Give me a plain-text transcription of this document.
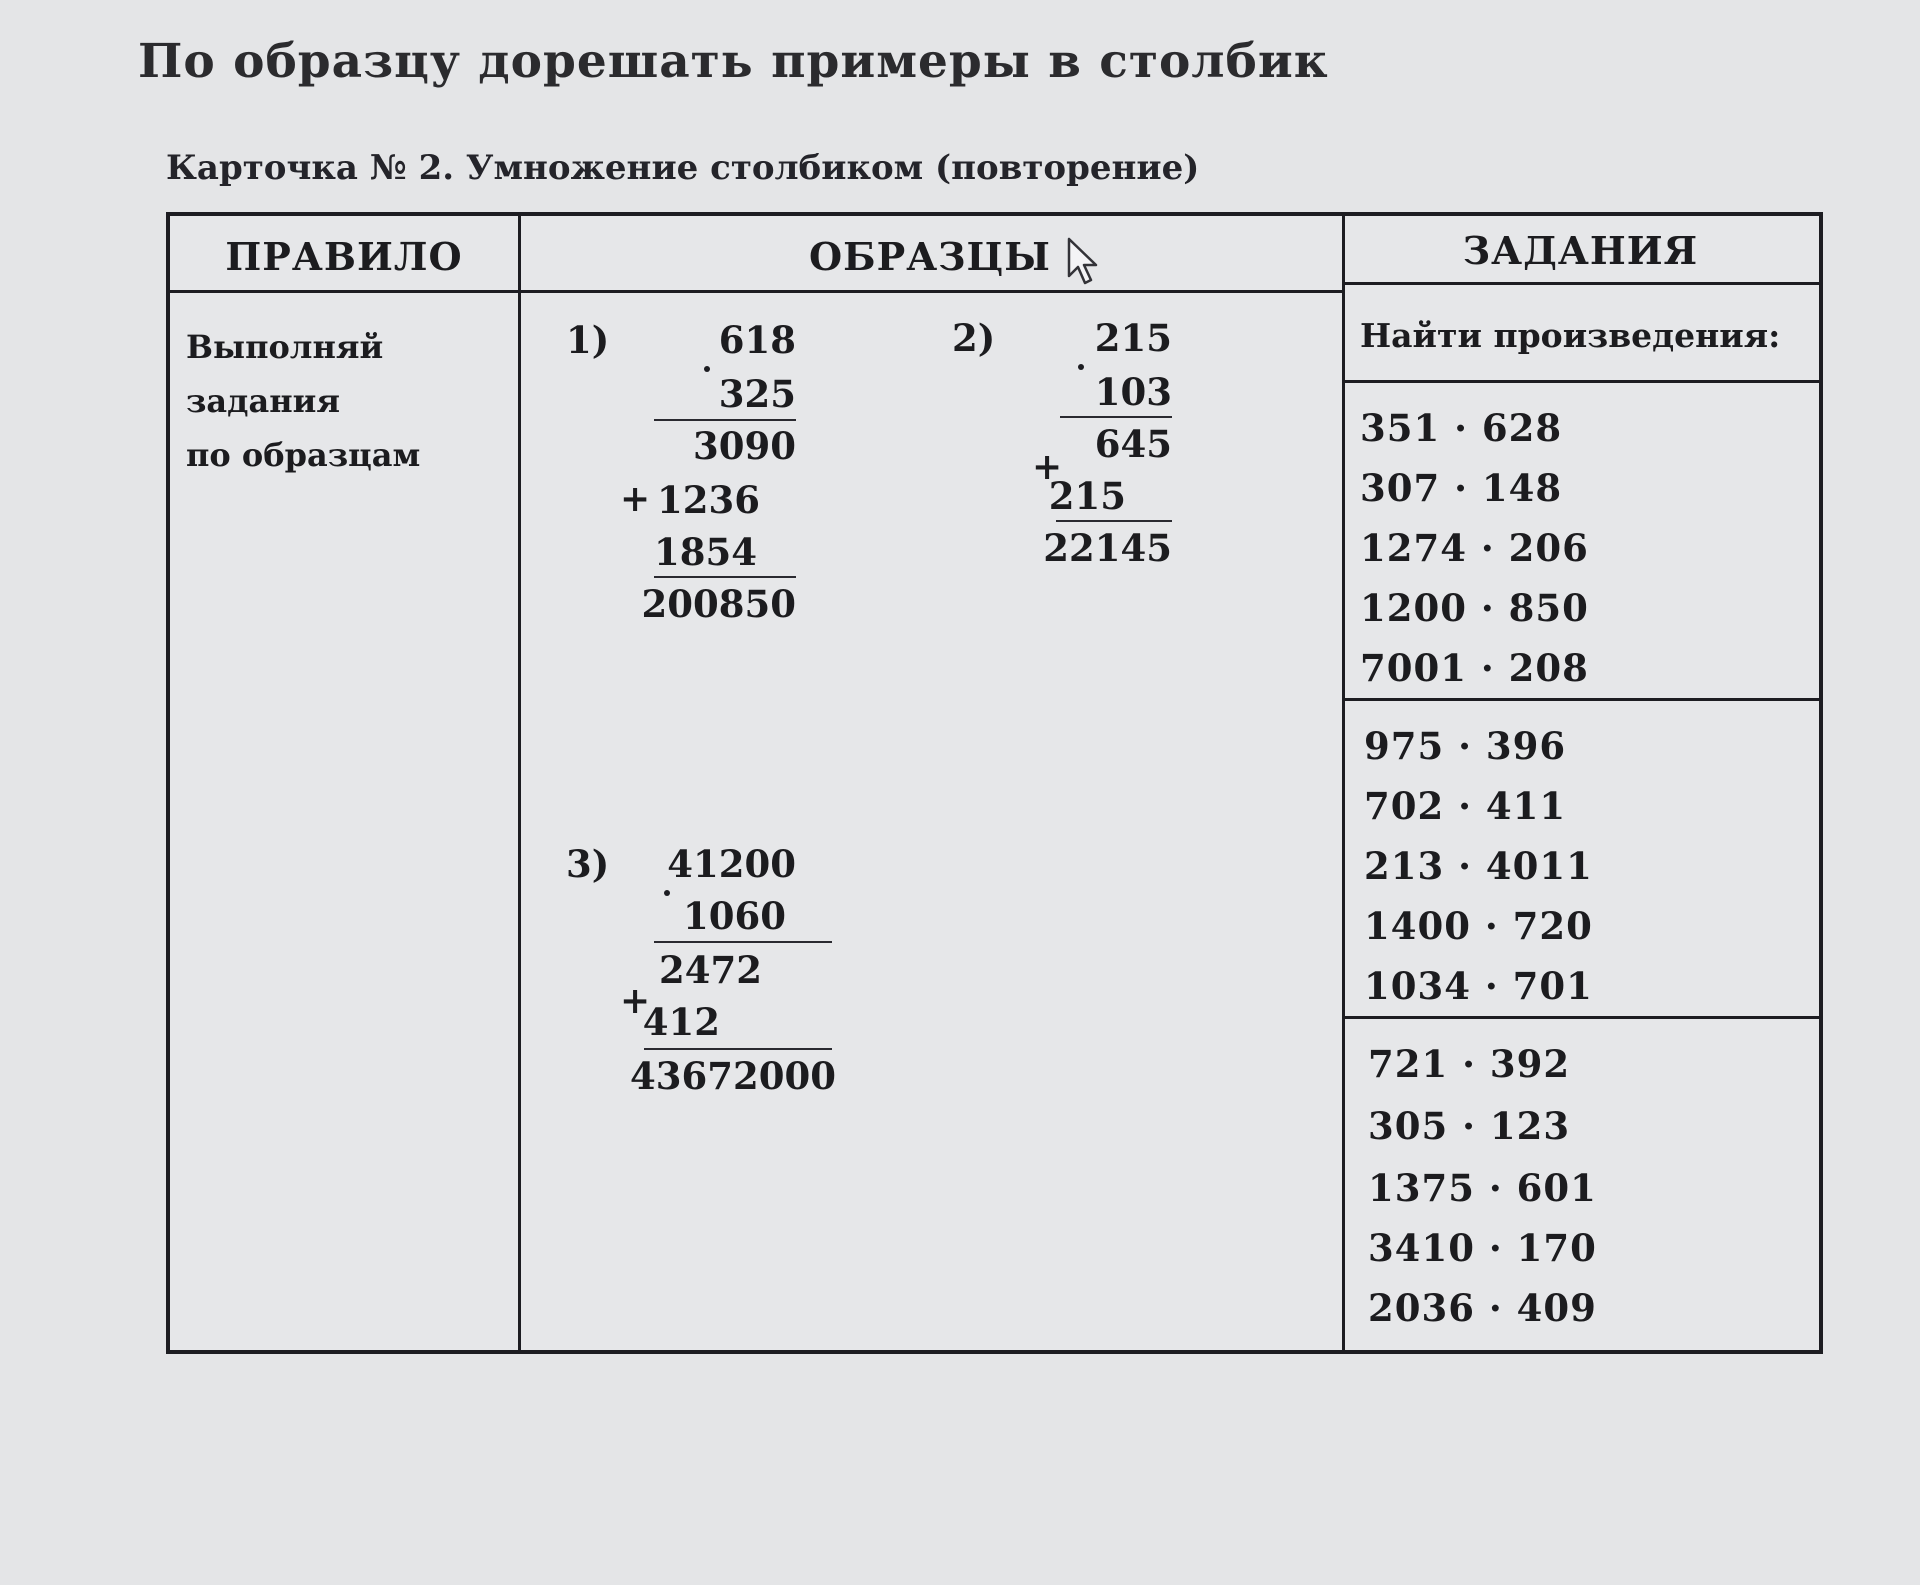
По образцу дорешать примеры в столбик
Карточка № 2. Умножение столбиком (повторение)
ПРАВИЛО	ОБРАЗЦЫ	ЗАДАНИЯ
Выполняй
задания
по образцам
1)	618
325
3090
+ 1236
1854
200850
2)	215
103
645
+
215
22145
3)	41200
1060
2472
+
412
43672000
Найти произведения:
351 · 628
307 · 148
1274 · 206
1200 · 850
7001 · 208
975 · 396
702 · 411
213 · 4011
1400 · 720
1034 · 701
721 · 392
305 · 123
1375 · 601
3410 · 170
2036 · 409
